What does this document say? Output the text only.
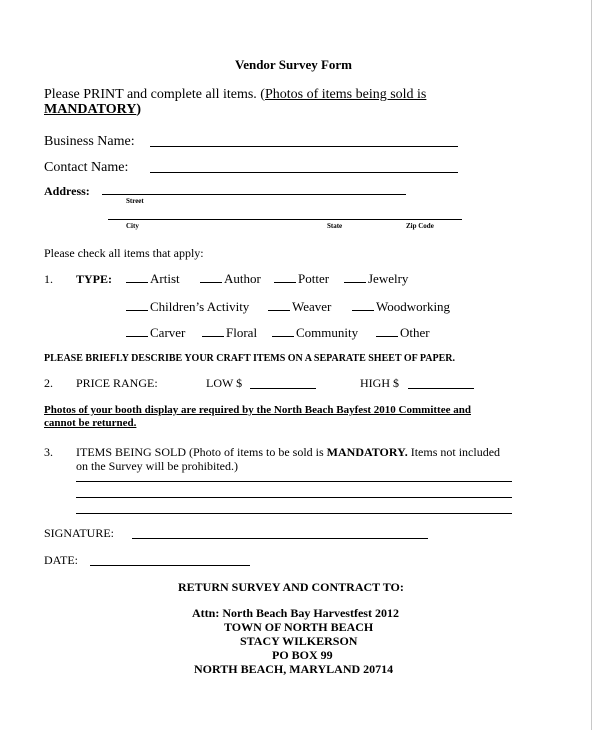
Vendor Survey Form
Please PRINT and complete all items. (Photos of items being sold is
MANDATORY)
Business Name:
Contact Name:
Address:
Street
City	State	Zip Code
Please check all items that apply:
1. TYPE:	Artist	Author	Potter	Jewelry
Children’s Activity	Weaver	Woodworking
Carver	Floral	Community	Other
PLEASE BRIEFLY DESCRIBE YOUR CRAFT ITEMS ON A SEPARATE SHEET OF PAPER.
2. PRICE RANGE:	LOW $	HIGH $
Photos of your booth display are required by the North Beach Bayfest 2010 Committee and
cannot be returned.
3. ITEMS BEING SOLD (Photo of items to be sold is MANDATORY. Items not included
on the Survey will be prohibited.)
SIGNATURE:
DATE:
RETURN SURVEY AND CONTRACT TO:
Attn: North Beach Bay Harvestfest 2012
TOWN OF NORTH BEACH
STACY WILKERSON
PO BOX 99
NORTH BEACH, MARYLAND 20714
